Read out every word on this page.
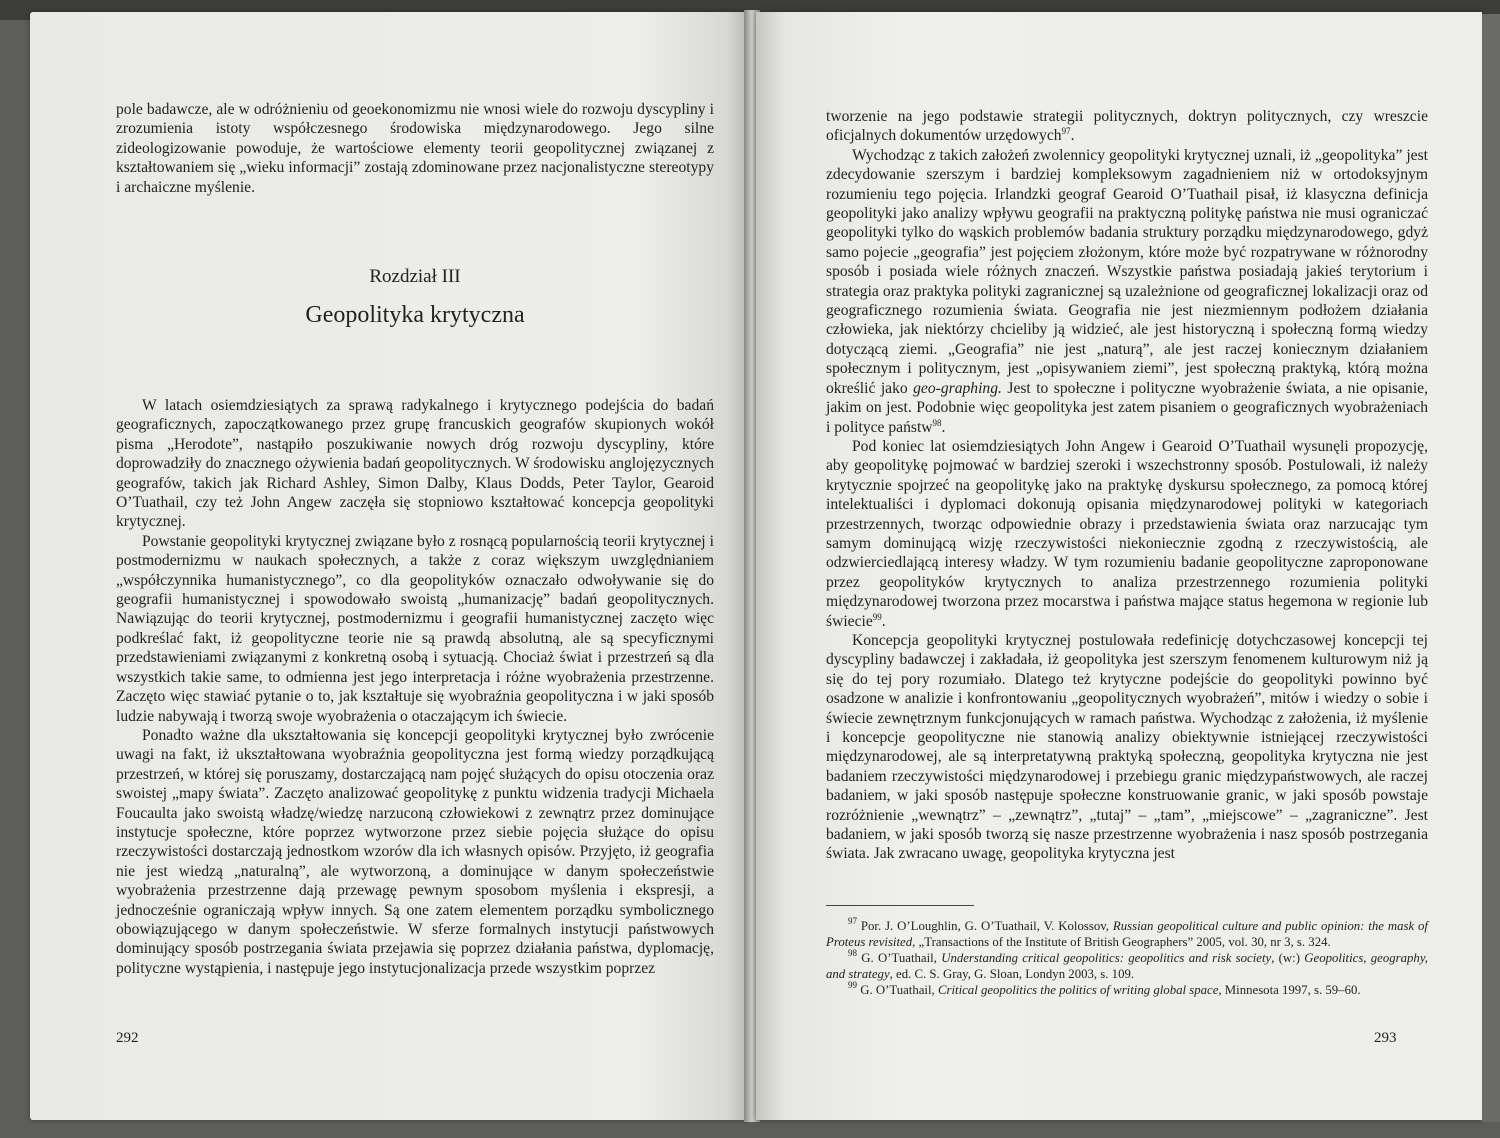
pole badawcze, ale w odróżnieniu od geoekonomizmu nie wnosi wiele do rozwoju dyscypliny i zrozumienia istoty współczesnego środowiska międzynarodowego. Jego silne zideologizowanie powoduje, że wartościowe elementy teorii geopolitycznej związanej z kształtowaniem się „wieku informacji” zostają zdominowane przez nacjonalistyczne stereotypy i archaiczne myślenie.

Rozdział III
Geopolityka krytyczna

W latach osiemdziesiątych za sprawą radykalnego i krytycznego podejścia do badań geograficznych, zapoczątkowanego przez grupę francuskich geografów skupionych wokół pisma „Herodote”, nastąpiło poszukiwanie nowych dróg rozwoju dyscypliny, które doprowadziły do znacznego ożywienia badań geopolitycznych. W środowisku anglojęzycznych geografów, takich jak Richard Ashley, Simon Dalby, Klaus Dodds, Peter Taylor, Gearoid O’Tuathail, czy też John Angew zaczęła się stopniowo kształtować koncepcja geopolityki krytycznej.

Powstanie geopolityki krytycznej związane było z rosnącą popularnością teorii krytycznej i postmodernizmu w naukach społecznych, a także z coraz większym uwzględnianiem „współczynnika humanistycznego”, co dla geopolityków oznaczało odwoływanie się do geografii humanistycznej i spowodowało swoistą „humanizację” badań geopolitycznych. Nawiązując do teorii krytycznej, postmodernizmu i geografii humanistycznej zaczęto więc podkreślać fakt, iż geopolityczne teorie nie są prawdą absolutną, ale są specyficznymi przedstawieniami związanymi z konkretną osobą i sytuacją. Chociaż świat i przestrzeń są dla wszystkich takie same, to odmienna jest jego interpretacja i różne wyobrażenia przestrzenne. Zaczęto więc stawiać pytanie o to, jak kształtuje się wyobraźnia geopolityczna i w jaki sposób ludzie nabywają i tworzą swoje wyobrażenia o otaczającym ich świecie.

Ponadto ważne dla ukształtowania się koncepcji geopolityki krytycznej było zwrócenie uwagi na fakt, iż ukształtowana wyobraźnia geopolityczna jest formą wiedzy porządkującą przestrzeń, w której się poruszamy, dostarczającą nam pojęć służących do opisu otoczenia oraz swoistej „mapy świata”. Zaczęto analizować geopolitykę z punktu widzenia tradycji Michaela Foucaulta jako swoistą władzę/wiedzę narzuconą człowiekowi z zewnątrz przez dominujące instytucje społeczne, które poprzez wytworzone przez siebie pojęcia służące do opisu rzeczywistości dostarczają jednostkom wzorów dla ich własnych opisów. Przyjęto, iż geografia nie jest wiedzą „naturalną”, ale wytworzoną, a dominujące w danym społeczeństwie wyobrażenia przestrzenne dają przewagę pewnym sposobom myślenia i ekspresji, a jednocześnie ograniczają wpływ innych. Są one zatem elementem porządku symbolicznego obowiązującego w danym społeczeństwie. W sferze formalnych instytucji państwowych dominujący sposób postrzegania świata przejawia się poprzez działania państwa, dyplomację, polityczne wystąpienia, i następuje jego instytucjonalizacja przede wszystkim poprzez

292

tworzenie na jego podstawie strategii politycznych, doktryn politycznych, czy wreszcie oficjalnych dokumentów urzędowych$^{97}$.

Wychodząc z takich założeń zwolennicy geopolityki krytycznej uznali, iż „geopolityka” jest zdecydowanie szerszym i bardziej kompleksowym zagadnieniem niż w ortodoksyjnym rozumieniu tego pojęcia. Irlandzki geograf Gearoid O’Tuathail pisał, iż klasyczna definicja geopolityki jako analizy wpływu geografii na praktyczną politykę państwa nie musi ograniczać geopolityki tylko do wąskich problemów badania struktury porządku międzynarodowego, gdyż samo pojecie „geografia” jest pojęciem złożonym, które może być rozpatrywane w różnorodny sposób i posiada wiele różnych znaczeń. Wszystkie państwa posiadają jakieś terytorium i strategia oraz praktyka polityki zagranicznej są uzależnione od geograficznej lokalizacji oraz od geograficznego rozumienia świata. Geografia nie jest niezmiennym podłożem działania człowieka, jak niektórzy chcieliby ją widzieć, ale jest historyczną i społeczną formą wiedzy dotyczącą ziemi. „Geografia” nie jest „naturą”, ale jest raczej koniecznym działaniem społecznym i politycznym, jest „opisywaniem ziemi”, jest społeczną praktyką, którą można określić jako geo-graphing. Jest to społeczne i polityczne wyobrażenie świata, a nie opisanie, jakim on jest. Podobnie więc geopolityka jest zatem pisaniem o geograficznych wyobrażeniach i polityce państw$^{98}$.

Pod koniec lat osiemdziesiątych John Angew i Gearoid O’Tuathail wysunęli propozycję, aby geopolitykę pojmować w bardziej szeroki i wszechstronny sposób. Postulowali, iż należy krytycznie spojrzeć na geopolitykę jako na praktykę dyskursu społecznego, za pomocą której intelektualiści i dyplomaci dokonują opisania międzynarodowej polityki w kategoriach przestrzennych, tworząc odpowiednie obrazy i przedstawienia świata oraz narzucając tym samym dominującą wizję rzeczywistości niekoniecznie zgodną z rzeczywistością, ale odzwierciedlającą interesy władzy. W tym rozumieniu badanie geopolityczne zaproponowane przez geopolityków krytycznych to analiza przestrzennego rozumienia polityki międzynarodowej tworzona przez mocarstwa i państwa mające status hegemona w regionie lub świecie$^{99}$.

Koncepcja geopolityki krytycznej postulowała redefinicję dotychczasowej koncepcji tej dyscypliny badawczej i zakładała, iż geopolityka jest szerszym fenomenem kulturowym niż ją się do tej pory rozumiało. Dlatego też krytyczne podejście do geopolityki powinno być osadzone w analizie i konfrontowaniu „geopolitycznych wyobrażeń”, mitów i wiedzy o sobie i świecie zewnętrznym funkcjonujących w ramach państwa. Wychodząc z założenia, iż myślenie i koncepcje geopolityczne nie stanowią analizy obiektywnie istniejącej rzeczywistości międzynarodowej, ale są interpretatywną praktyką społeczną, geopolityka krytyczna nie jest badaniem rzeczywistości międzynarodowej i przebiegu granic międzypaństwowych, ale raczej badaniem, w jaki sposób następuje społeczne konstruowanie granic, w jaki sposób powstaje rozróżnienie „wewnątrz” – „zewnątrz”, „tutaj” – „tam”, „miejscowe” – „zagraniczne”. Jest badaniem, w jaki sposób tworzą się nasze przestrzenne wyobrażenia i nasz sposób postrzegania świata. Jak zwracano uwagę, geopolityka krytyczna jest

$^{97}$ Por. J. O’Loughlin, G. O’Tuathail, V. Kolossov, Russian geopolitical culture and public opinion: the mask of Proteus revisited, „Transactions of the Institute of British Geographers” 2005, vol. 30, nr 3, s. 324.

$^{98}$ G. O’Tuathail, Understanding critical geopolitics: geopolitics and risk society, (w:) Geopolitics, geography, and strategy, ed. C. S. Gray, G. Sloan, Londyn 2003, s. 109.

$^{99}$ G. O’Tuathail, Critical geopolitics the politics of writing global space, Minnesota 1997, s. 59–60.

293
